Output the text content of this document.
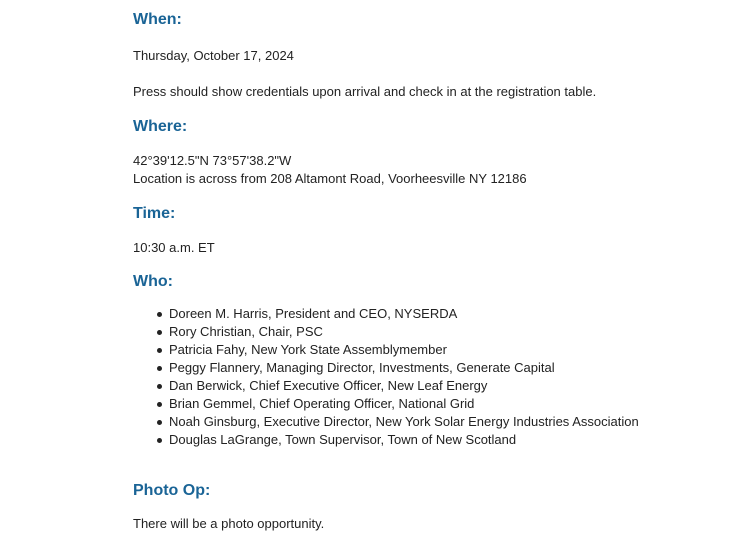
When:

Thursday, October 17, 2024

Press should show credentials upon arrival and check in at the registration table.

Where:

42°39'12.5"N 73°57'38.2"W
Location is across from 208 Altamont Road, Voorheesville NY 12186

Time:

10:30 a.m. ET

Who:
Doreen M. Harris, President and CEO, NYSERDA
Rory Christian, Chair, PSC
Patricia Fahy, New York State Assemblymember
Peggy Flannery, Managing Director, Investments, Generate Capital
Dan Berwick, Chief Executive Officer, New Leaf Energy
Brian Gemmel, Chief Operating Officer, National Grid
Noah Ginsburg, Executive Director, New York Solar Energy Industries Association
Douglas LaGrange, Town Supervisor, Town of New Scotland
Photo Op:

There will be a photo opportunity.
